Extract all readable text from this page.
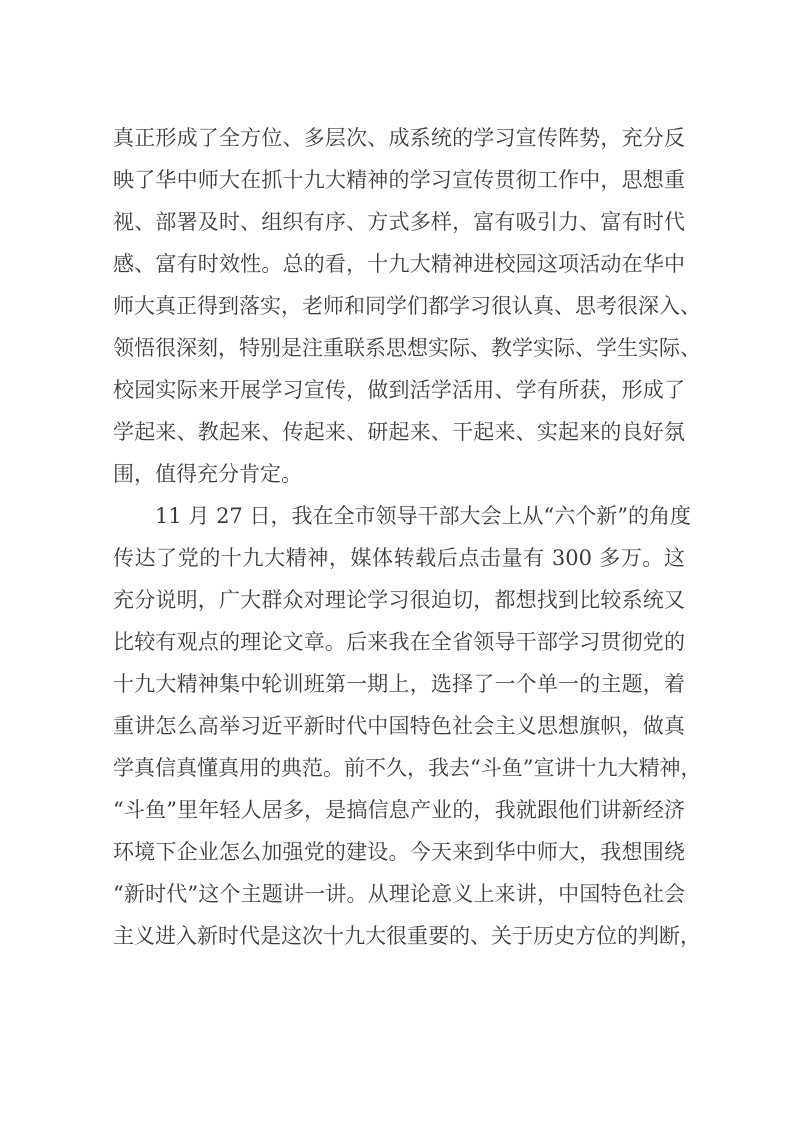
真正形成了全方位、多层次、成系统的学习宣传阵势，充分反
映了华中师大在抓十九大精神的学习宣传贯彻工作中，思想重
视、部署及时、组织有序、方式多样，富有吸引力、富有时代
感、富有时效性。总的看，十九大精神进校园这项活动在华中
师大真正得到落实，老师和同学们都学习很认真、思考很深入、
领悟很深刻，特别是注重联系思想实际、教学实际、学生实际、
校园实际来开展学习宣传，做到活学活用、学有所获，形成了
学起来、教起来、传起来、研起来、干起来、实起来的良好氛
围，值得充分肯定。
11 月 27 日，我在全市领导干部大会上从“六个新”的角度
传达了党的十九大精神，媒体转载后点击量有 300 多万。这
充分说明，广大群众对理论学习很迫切，都想找到比较系统又
比较有观点的理论文章。后来我在全省领导干部学习贯彻党的
十九大精神集中轮训班第一期上，选择了一个单一的主题，着
重讲怎么高举习近平新时代中国特色社会主义思想旗帜，做真
学真信真懂真用的典范。前不久，我去“斗鱼”宣讲十九大精神，
“斗鱼”里年轻人居多，是搞信息产业的，我就跟他们讲新经济
环境下企业怎么加强党的建设。今天来到华中师大，我想围绕
“新时代”这个主题讲一讲。从理论意义上来讲，中国特色社会
主义进入新时代是这次十九大很重要的、关于历史方位的判断，
